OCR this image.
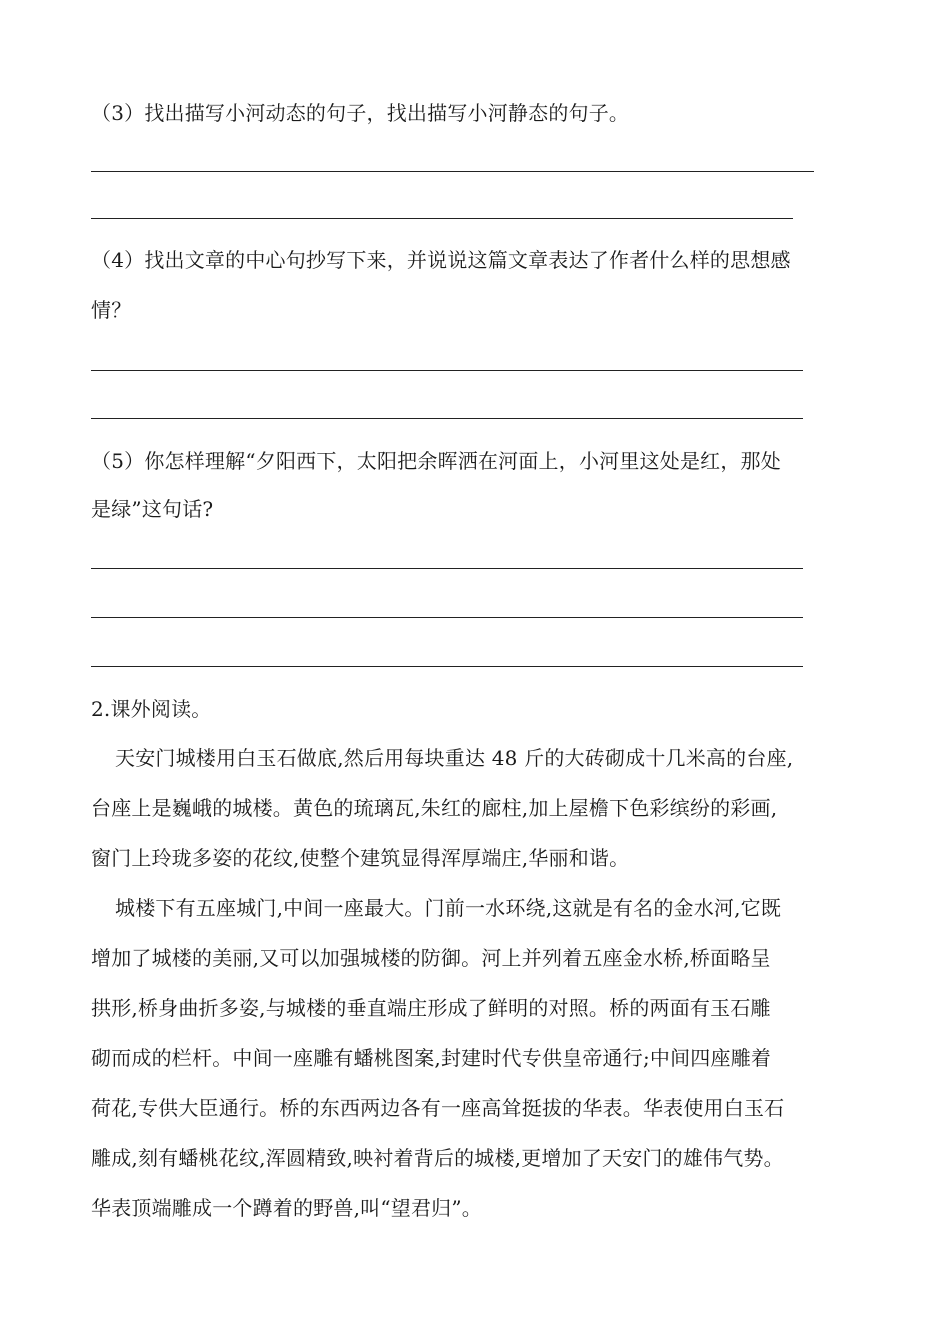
（3）找出描写小河动态的句子，找出描写小河静态的句子。
（4）找出文章的中心句抄写下来，并说说这篇文章表达了作者什么样的思想感
情？
（5）你怎样理解“夕阳西下，太阳把余晖洒在河面上，小河里这处是红，那处
是绿”这句话?
2.课外阅读。
天安门城楼用白玉石做底,然后用每块重达 48 斤的大砖砌成十几米高的台座,
台座上是巍峨的城楼。黄色的琉璃瓦,朱红的廊柱,加上屋檐下色彩缤纷的彩画,
窗门上玲珑多姿的花纹,使整个建筑显得浑厚端庄,华丽和谐。
城楼下有五座城门,中间一座最大。门前一水环绕,这就是有名的金水河,它既
增加了城楼的美丽,又可以加强城楼的防御。河上并列着五座金水桥,桥面略呈
拱形,桥身曲折多姿,与城楼的垂直端庄形成了鲜明的对照。桥的两面有玉石雕
砌而成的栏杆。中间一座雕有蟠桃图案,封建时代专供皇帝通行;中间四座雕着
荷花,专供大臣通行。桥的东西两边各有一座高耸挺拔的华表。华表使用白玉石
雕成,刻有蟠桃花纹,浑圆精致,映衬着背后的城楼,更增加了天安门的雄伟气势。
华表顶端雕成一个蹲着的野兽,叫“望君归”。
